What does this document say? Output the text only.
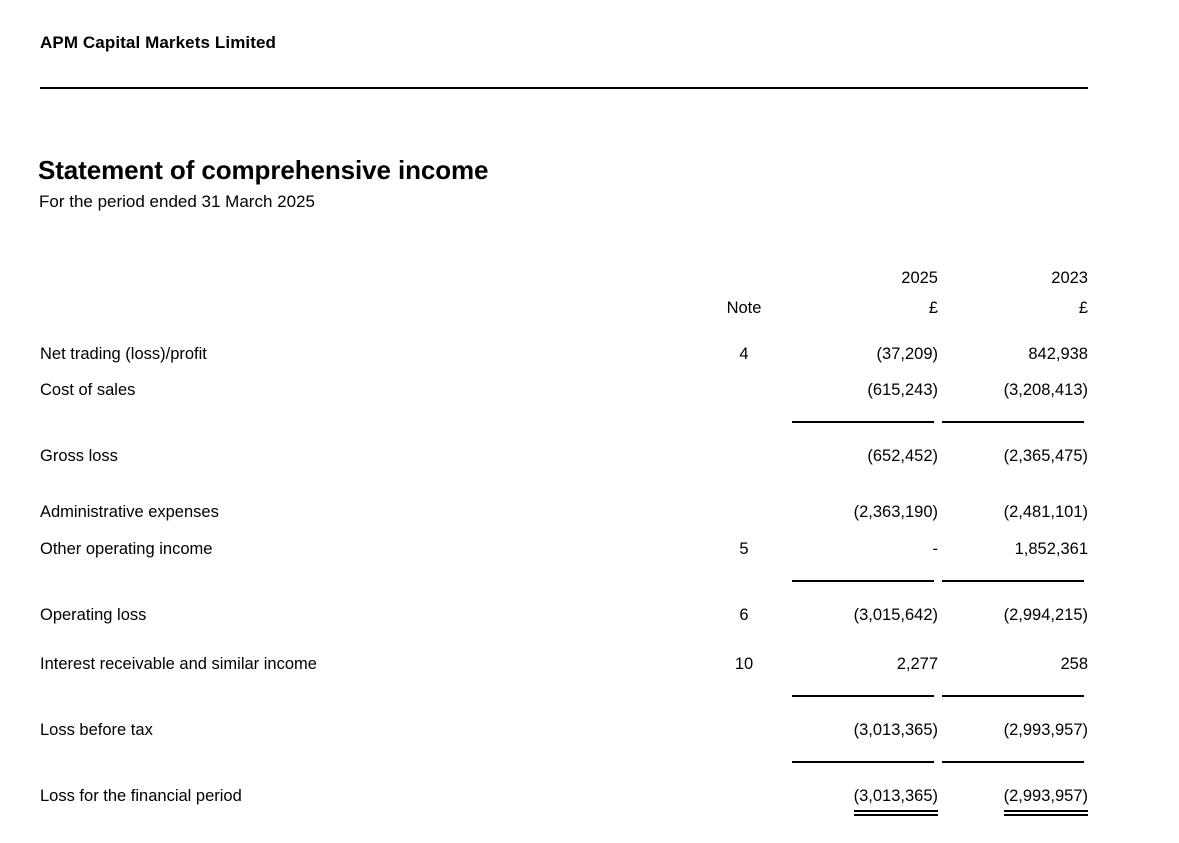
APM Capital Markets Limited
Statement of comprehensive income
For the period ended 31 March 2025
		2025	2023
	Note	£	£
Net trading (loss)/profit	4	(37,209)	842,938
Cost of sales		(615,243)	(3,208,413)

Gross loss		(652,452)	(2,365,475)

Administrative expenses		(2,363,190)	(2,481,101)
Other operating income	5	-	1,852,361

Operating loss	6	(3,015,642)	(2,994,215)

Interest receivable and similar income	10	2,277	258

Loss before tax		(3,013,365)	(2,993,957)

Loss for the financial period		(3,013,365)	(2,993,957)
